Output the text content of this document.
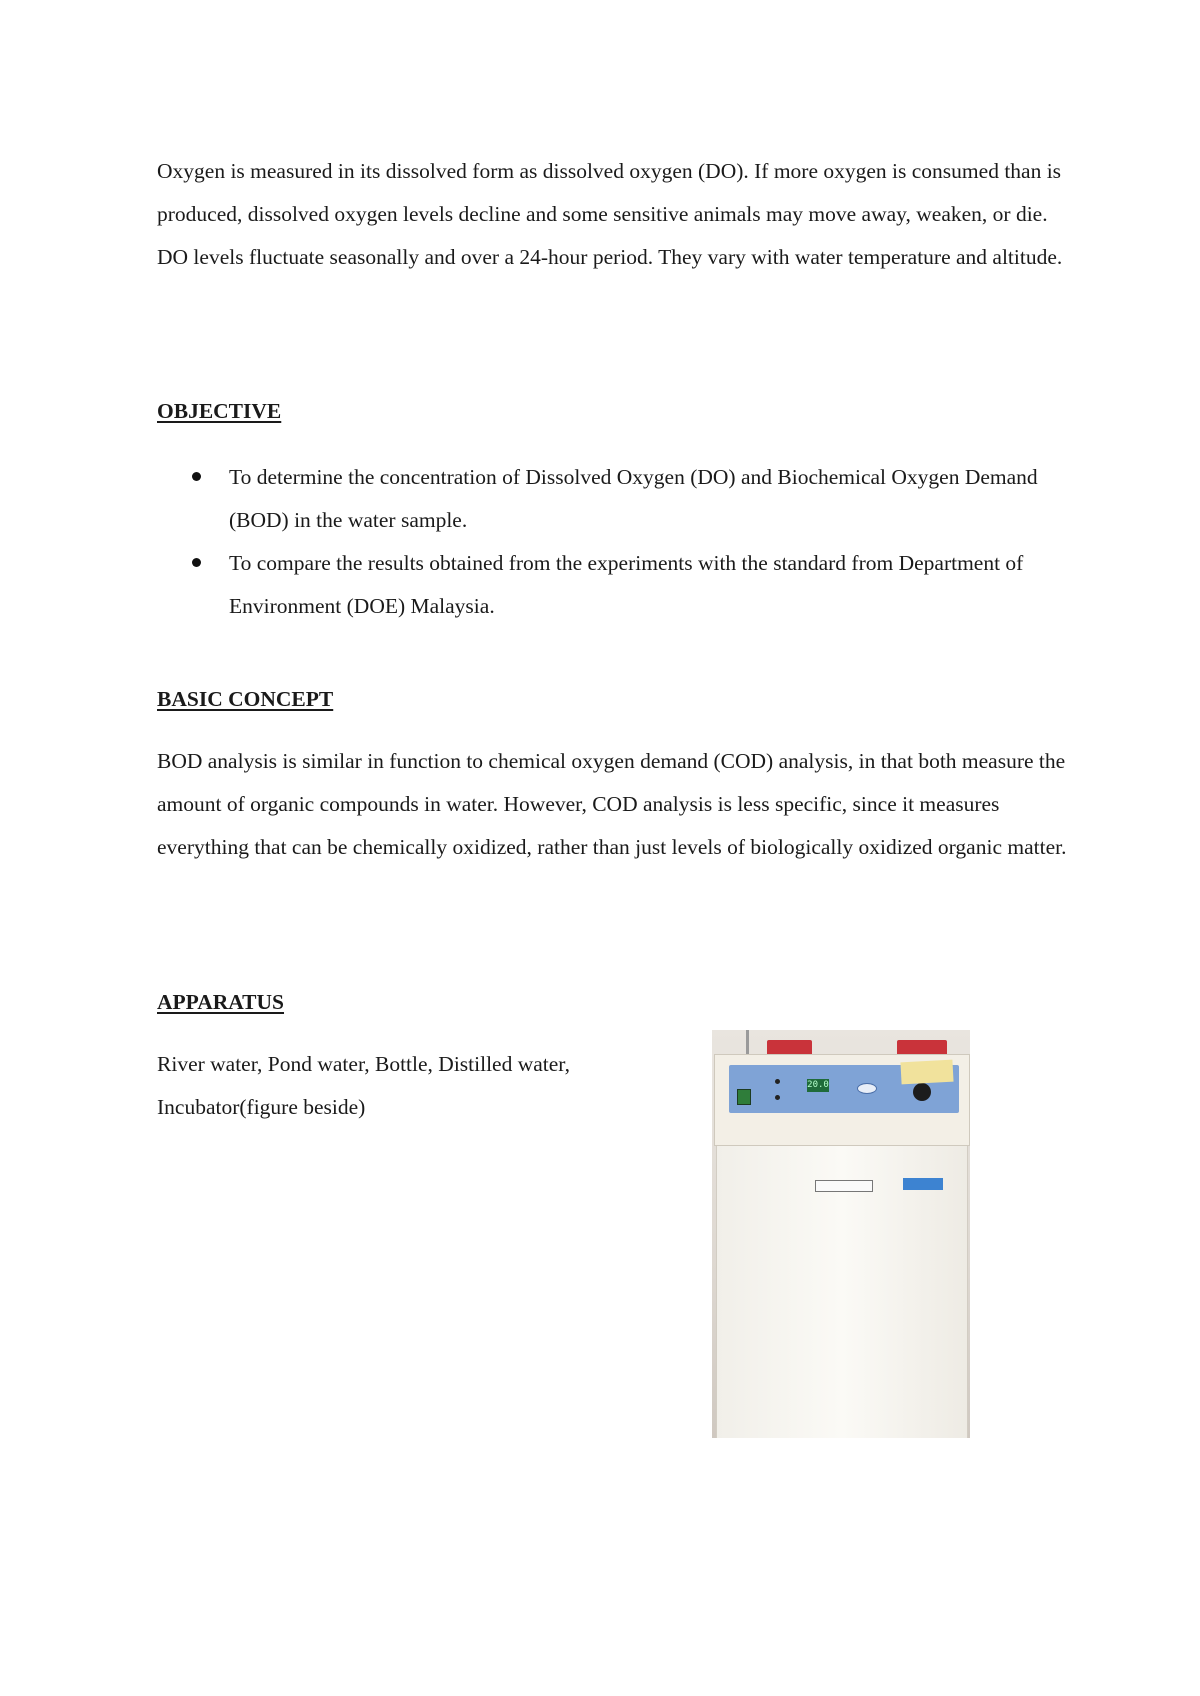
Oxygen is measured in its dissolved form as dissolved oxygen (DO). If more oxygen is consumed than is produced, dissolved oxygen levels decline and some sensitive animals may move away, weaken, or die. DO levels fluctuate seasonally and over a 24-hour period. They vary with water temperature and altitude.

OBJECTIVE
To determine the concentration of Dissolved Oxygen (DO) and Biochemical Oxygen Demand (BOD) in the water sample.
To compare the results obtained from the experiments with the standard from Department of Environment (DOE) Malaysia.
BASIC CONCEPT

BOD analysis is similar in function to chemical oxygen demand (COD) analysis, in that both measure the amount of organic compounds in water. However, COD analysis is less specific, since it measures everything that can be chemically oxidized, rather than just levels of biologically oxidized organic matter.

APPARATUS

River water, Pond water, Bottle, Distilled water, Incubator(figure beside)

20.0
